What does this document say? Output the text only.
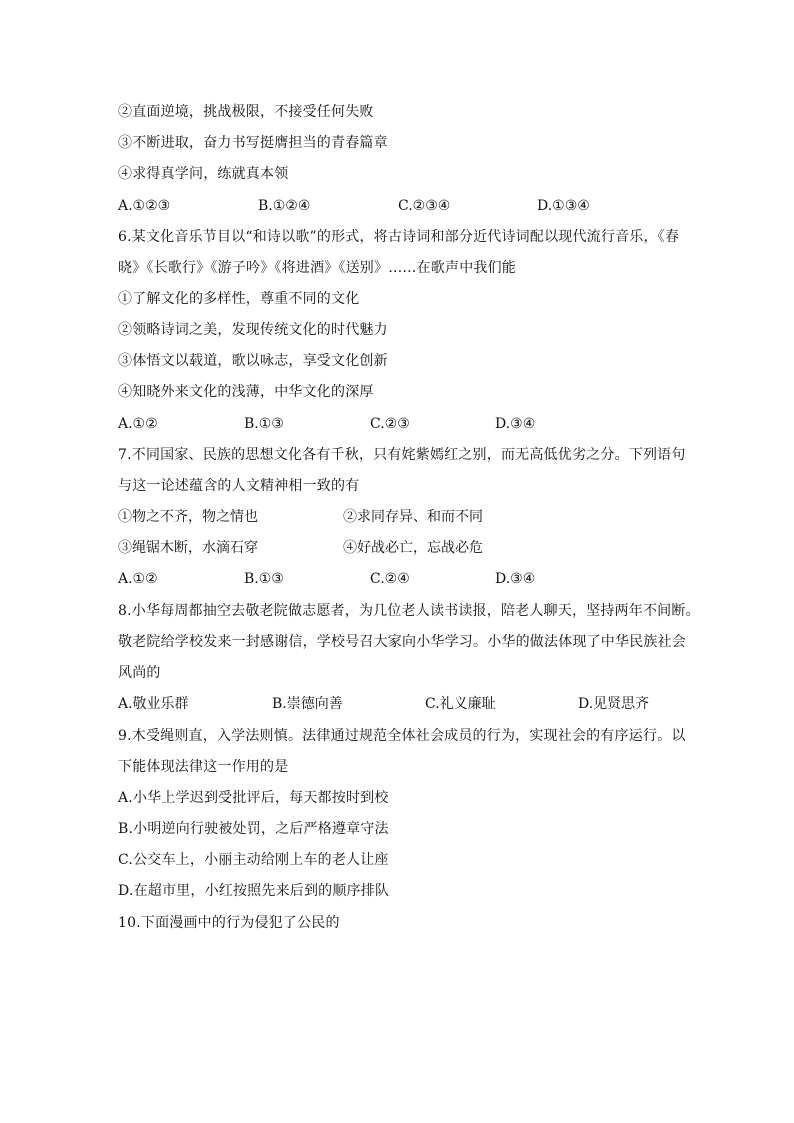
②直面逆境，挑战极限，不接受任何失败
③不断进取，奋力书写挺膺担当的青春篇章
④求得真学问，练就真本领
A.①②③	B.①②④	C.②③④	D.①③④
6.某文化音乐节目以“和诗以歌”的形式，将古诗词和部分近代诗词配以现代流行音乐，《春
晓》《长歌行》《游子吟》《将进酒》《送别》……在歌声中我们能
①了解文化的多样性，尊重不同的文化
②领略诗词之美，发现传统文化的时代魅力
③体悟文以载道，歌以咏志，享受文化创新
④知晓外来文化的浅薄，中华文化的深厚
A.①②	B.①③	C.②③	D.③④
7.不同国家、民族的思想文化各有千秋，只有姹紫嫣红之别，而无高低优劣之分。下列语句
与这一论述蕴含的人文精神相一致的有
①物之不齐，物之情也	②求同存异、和而不同
③绳锯木断，水滴石穿	④好战必亡，忘战必危
A.①②	B.①③	C.②④	D.③④
8.小华每周都抽空去敬老院做志愿者，为几位老人读书读报，陪老人聊天，坚持两年不间断。
敬老院给学校发来一封感谢信，学校号召大家向小华学习。小华的做法体现了中华民族社会
风尚的
A.敬业乐群	B.崇德向善	C.礼义廉耻	D.见贤思齐
9.木受绳则直，入学法则慎。法律通过规范全体社会成员的行为，实现社会的有序运行。以
下能体现法律这一作用的是
A.小华上学迟到受批评后，每天都按时到校
B.小明逆向行驶被处罚，之后严格遵章守法
C.公交车上，小丽主动给刚上车的老人让座
D.在超市里，小红按照先来后到的顺序排队
10.下面漫画中的行为侵犯了公民的
